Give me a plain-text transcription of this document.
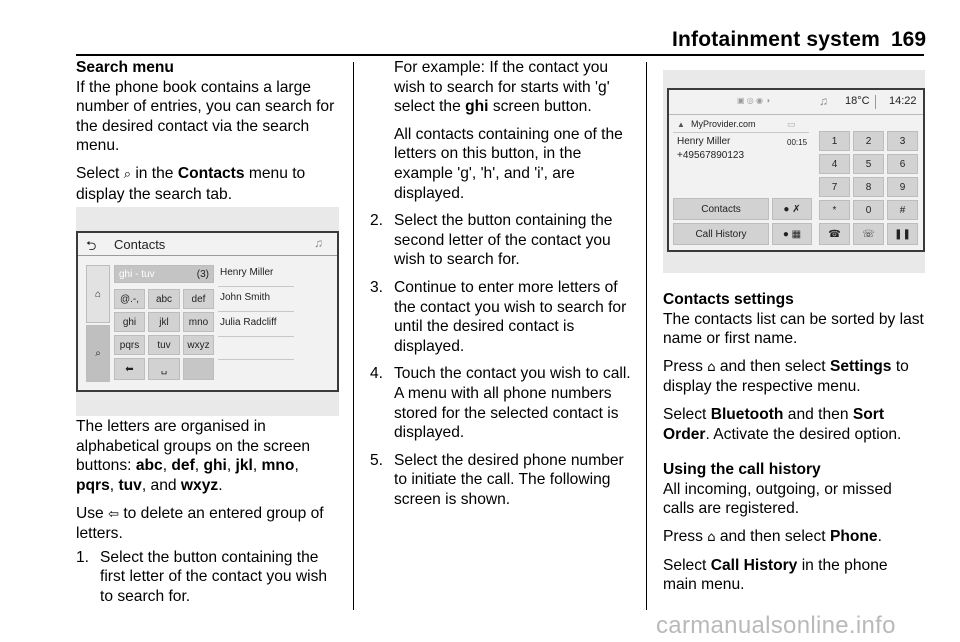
Infotainment system 169

Search menu

If the phone book contains a large number of entries, you can search for the desired contact via the search menu.

Select ⌕ in the Contacts menu to display the search tab.

The letters are organised in alphabetical groups on the screen buttons: abc, def, ghi, jkl, mno, pqrs, tuv, and wxyz.

Use ⇦ to delete an entered group of letters.

1. Select the button containing the first letter of the contact you wish to search for.
⮌ Contacts	♫
⌂
⌕
ghi - tuv	(3)
@.-,	abc	def
ghi	jkl	mno
pqrs	tuv	wxyz
⬅	␣
Henry Miller
John Smith
Julia Radcliff

For example: If the contact you wish to search for starts with 'g' select the ghi screen button.

All contacts containing one of the letters on this button, in the example 'g', 'h', and 'i', are displayed.

2. Select the button containing the second letter of the contact you wish to search for.
3. Continue to enter more letters of the contact you wish to search for until the desired contact is displayed.
4. Touch the contact you wish to call. A menu with all phone numbers stored for the selected contact is displayed.
5. Select the desired phone number to initiate the call. The following screen is shown.
▣ ◎ ◉ ◑	♫ 18°C 14:22
▲ MyProvider.com	▭
Henry Miller	00:15
+49567890123
Contacts	● ✗
Call History	● ▦
1	2	3
4	5	6
7	8	9
*	0	#
☎ ☏ ❚❚

Contacts settings

The contacts list can be sorted by last name or first name.

Press ⌂ and then select Settings to display the respective menu.

Select Bluetooth and then Sort Order. Activate the desired option.

Using the call history

All incoming, outgoing, or missed calls are registered.

Press ⌂ and then select Phone.

Select Call History in the phone main menu.

carmanualsonline.info
